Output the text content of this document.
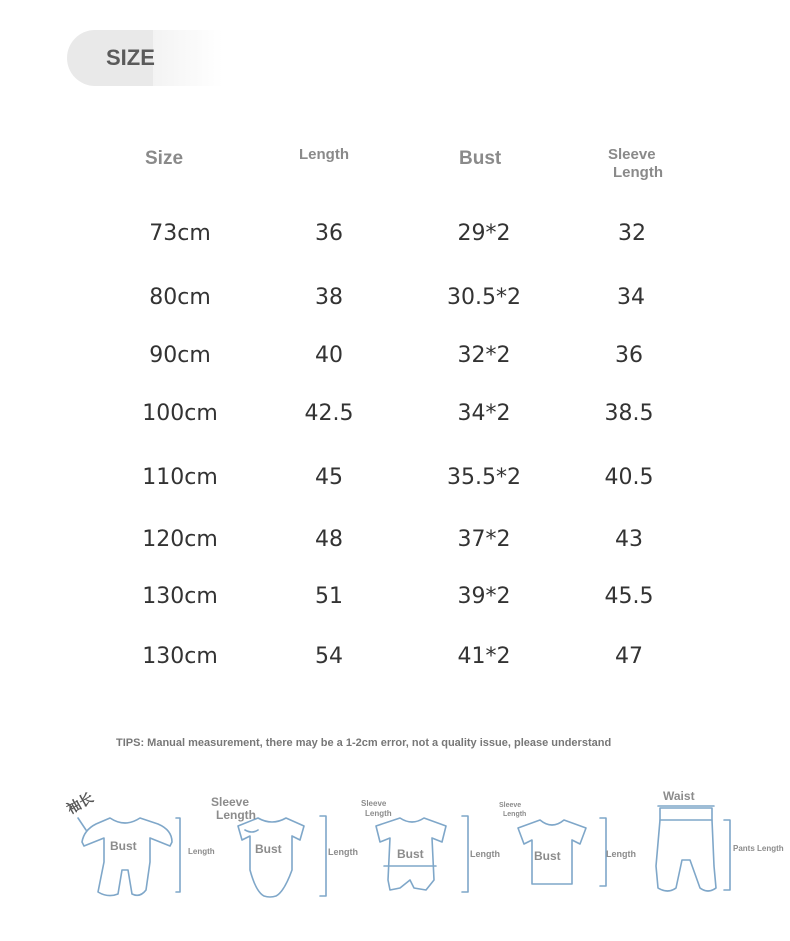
SIZE
Size	Length	Bust	Sleeve
Length
73cm	36	29*2	32
80cm	38	30.5*2	34
90cm	40	32*2	36
100cm	42.5	34*2	38.5
110cm	45	35.5*2	40.5
120cm	48	37*2	43
130cm	51	39*2	45.5
130cm	54	41*2	47
TIPS: Manual measurement, there may be a 1-2cm error, not a quality issue, please understand
袖长
Bust	Length
Sleeve
Length
Bust	Length
Sleeve
Length
Bust	Length
Sleeve
Length
Bust	Length
Waist
Pants Length
